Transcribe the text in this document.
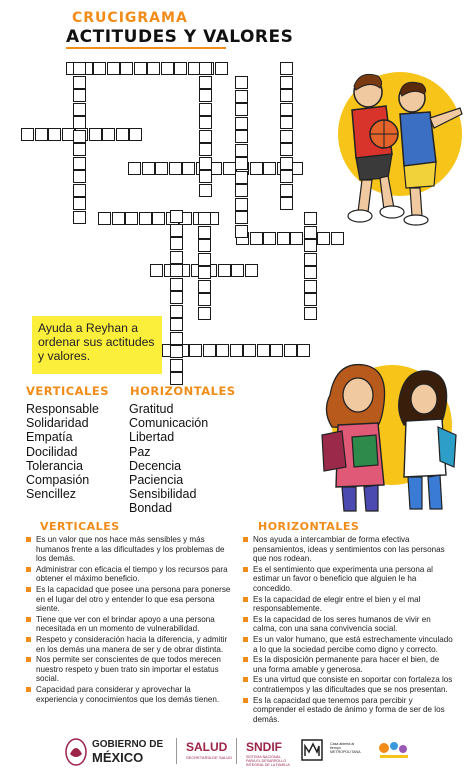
CRUCIGRAMA
ACTITUDES Y VALORES
Ayuda a Reyhan a ordenar sus actitudes y valores.
VERTICALES HORIZONTALES
Responsable
Solidaridad
Empatía
Docilidad
Tolerancia
Compasión
Sencillez
Gratitud
Comunicación
Libertad
Paz
Decencia
Paciencia
Sensibilidad
Bondad
VERTICALES	HORIZONTALES
Es un valor que nos hace más sensibles y más humanos frente a las dificultades y los problemas de los demás.
Administrar con eficacia el tiempo y los recursos para obtener el máximo beneficio.
Es la capacidad que posee una persona para ponerse en el lugar del otro y entender lo que esa persona siente.
Tiene que ver con el brindar apoyo a una persona necesitada en un momento de vulnerabilidad.
Respeto y consideración hacia la diferencia, y admitir en los demás una manera de ser y de obrar distinta.
Nos permite ser conscientes de que todos merecen nuestro respeto y buen trato sin importar el estatus social.
Capacidad para considerar y aprovechar la experiencia y conocimientos que los demás tienen.
Nos ayuda a intercambiar de forma efectiva pensamientos, ideas y sentimientos con las personas que nos rodean.
Es el sentimiento que experimenta una persona al estimar un favor o beneficio que alguien le ha concedido.
Es la capacidad de elegir entre el bien y el mal responsablemente.
Es la capacidad de los seres humanos de vivir en calma, con una sana convivencia social.
Es un valor humano, que está estrechamente vinculado a lo que la sociedad percibe como digno y correcto.
Es la disposición permanente para hacer el bien, de una forma amable y generosa.
Es una virtud que consiste en soportar con fortaleza los contratiempos y las dificultades que se nos presentan.
Es la capacidad que tenemos para percibir y comprender el estado de ánimo y forma de ser de los demás.
GOBIERNO DE
MÉXICO
SALUD
SECRETARÍA DE SALUD
SNDIF
SISTEMA NACIONAL PARA EL DESARROLLO INTEGRAL DE LA FAMILIA
Casa abierta al tiempo METROPOLITANA
